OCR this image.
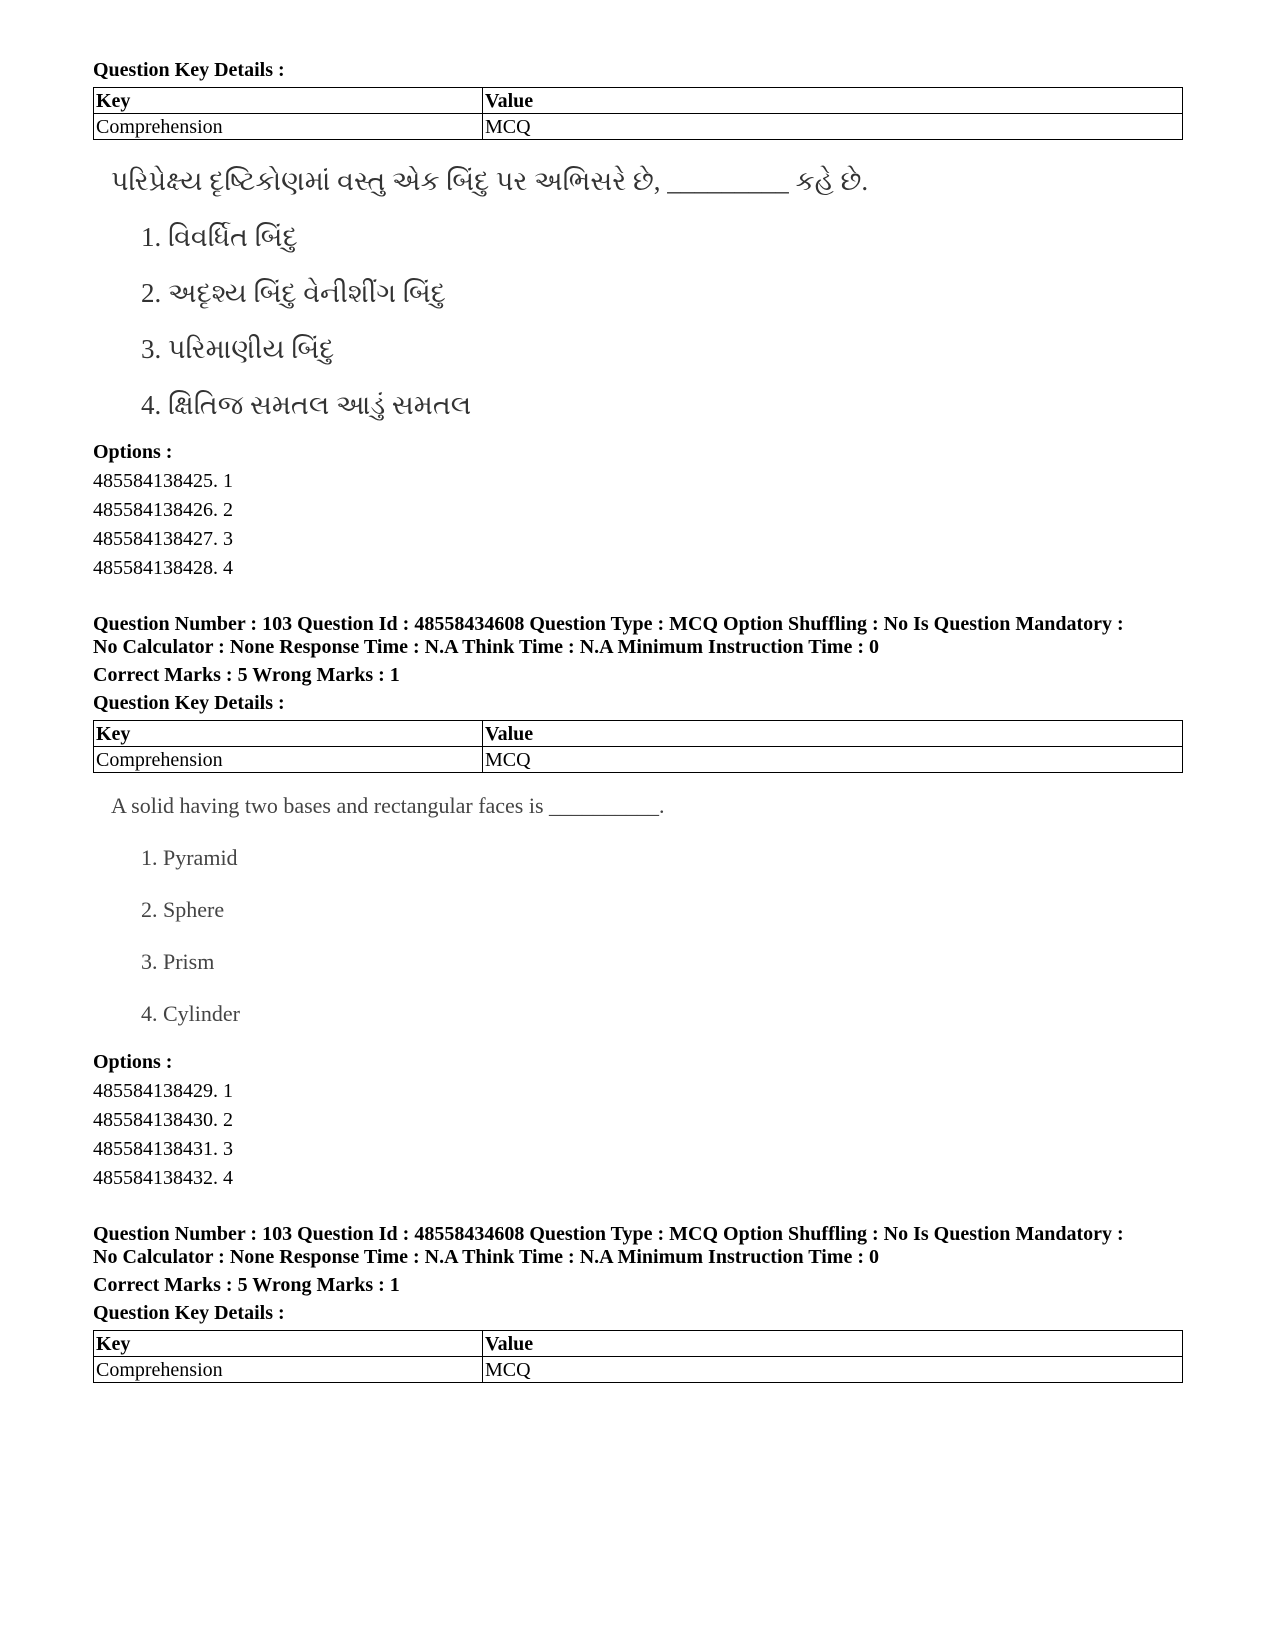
Question Key Details :

Key	Value
Comprehension	MCQ
પરિપ્રેક્ષ્ય દૃષ્ટિકોણમાં વસ્તુ એક બિંદુ પર અભિસરે છે, _________ કહે છે.
1. વિવર્ધિત બિંદુ
2. અદૃશ્ય બિંદુ વેનીશીંગ બિંદુ
3. પરિમાણીય બિંદુ
4. ક્ષિતિજ સમતલ આડું સમતલ
Options :
485584138425. 1
485584138426. 2
485584138427. 3
485584138428. 4
Question Number : 103 Question Id : 48558434608 Question Type : MCQ Option Shuffling : No Is Question Mandatory :
No Calculator : None Response Time : N.A Think Time : N.A Minimum Instruction Time : 0
Correct Marks : 5 Wrong Marks : 1
Question Key Details :
Key	Value
Comprehension	MCQ
A solid having two bases and rectangular faces is __________.
1. Pyramid
2. Sphere
3. Prism
4. Cylinder
Options :
485584138429. 1
485584138430. 2
485584138431. 3
485584138432. 4
Question Number : 103 Question Id : 48558434608 Question Type : MCQ Option Shuffling : No Is Question Mandatory :
No Calculator : None Response Time : N.A Think Time : N.A Minimum Instruction Time : 0
Correct Marks : 5 Wrong Marks : 1
Question Key Details :
Key	Value
Comprehension	MCQ
